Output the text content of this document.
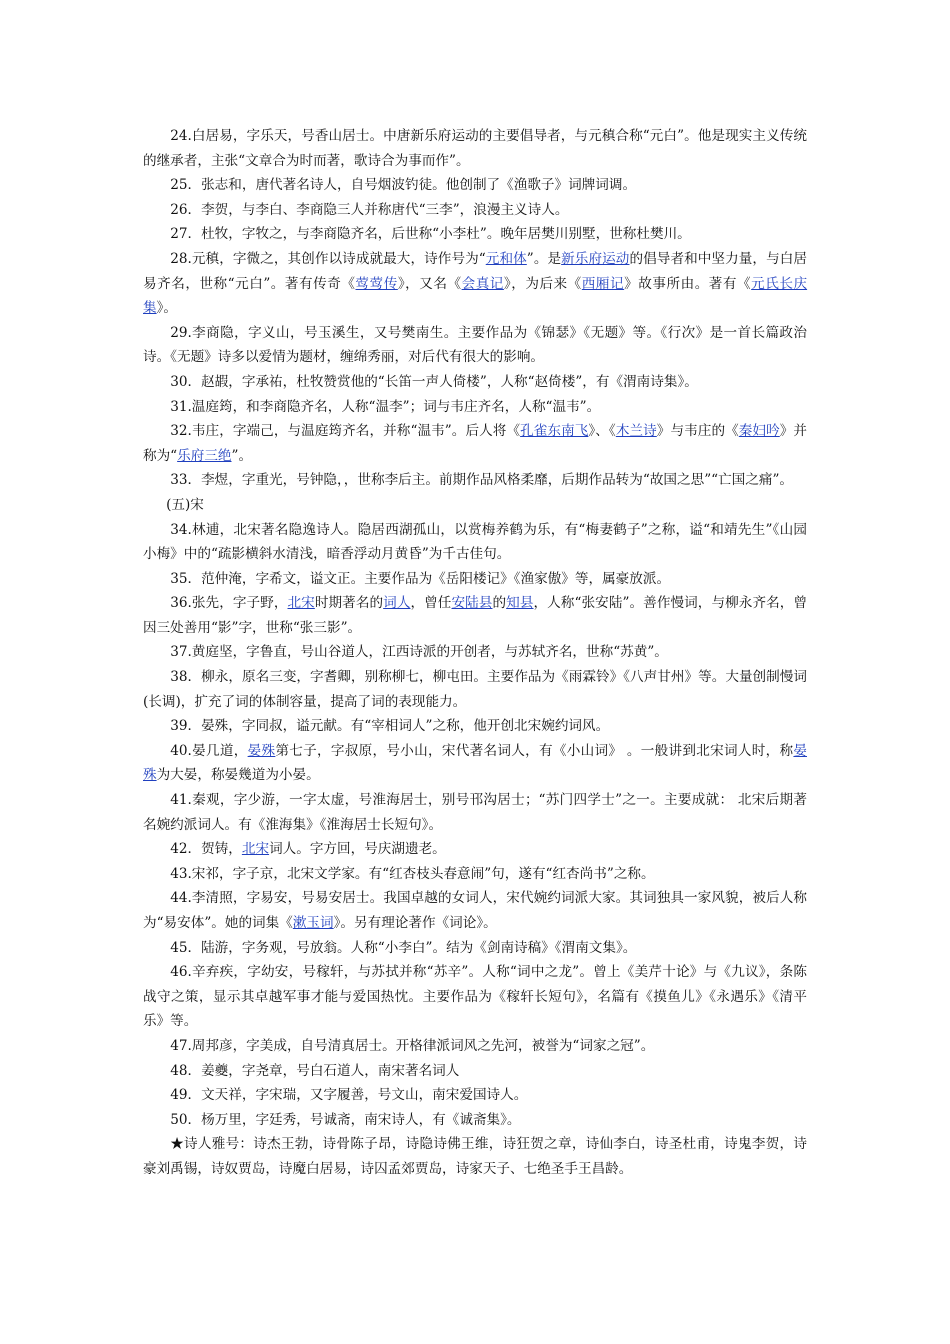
24.白居易，字乐天，号香山居士。中唐新乐府运动的主要倡导者，与元稹合称“元白”。他是现实主义传统的继承者，主张“文章合为时而著，歌诗合为事而作”。

25．张志和，唐代著名诗人，自号烟波钓徒。他创制了《渔歌子》词牌词调。

26．李贺，与李白、李商隐三人并称唐代“三李”，浪漫主义诗人。

27．杜牧，字牧之，与李商隐齐名，后世称“小李杜”。晚年居樊川别墅，世称杜樊川。

28.元稹，字微之，其创作以诗成就最大，诗作号为“元和体”。是新乐府运动的倡导者和中坚力量，与白居易齐名，世称“元白”。著有传奇《莺莺传》，又名《会真记》，为后来《西厢记》故事所由。著有《元氏长庆集》。

29.李商隐，字义山，号玉溪生，又号樊南生。主要作品为《锦瑟》《无题》等。《行次》是一首长篇政治诗。《无题》诗多以爱情为题材，缠绵秀丽，对后代有很大的影响。

30．赵嘏，字承祐，杜牧赞赏他的“长笛一声人倚楼”，人称“赵倚楼”，有《渭南诗集》。

31.温庭筠，和李商隐齐名，人称“温李”；词与韦庄齐名，人称“温韦”。

32.韦庄，字端己，与温庭筠齐名，并称“温韦”。后人将《孔雀东南飞》、《木兰诗》与韦庄的《秦妇吟》并称为“乐府三绝”。

33．李煜，字重光，号钟隐，，世称李后主。前期作品风格柔靡，后期作品转为“故国之思”“亡国之痛”。

(五)宋

34.林逋，北宋著名隐逸诗人。隐居西湖孤山，以赏梅养鹤为乐，有“梅妻鹤子”之称，谥“和靖先生”《山园小梅》中的“疏影横斜水清浅，暗香浮动月黄昏”为千古佳句。

35．范仲淹，字希文，谥文正。主要作品为《岳阳楼记》《渔家傲》等，属豪放派。

36.张先，字子野，北宋时期著名的词人，曾任安陆县的知县，人称“张安陆”。善作慢词，与柳永齐名，曾因三处善用“影”字，世称“张三影”。

37.黄庭坚，字鲁直，号山谷道人，江西诗派的开创者，与苏轼齐名，世称“苏黄”。

38．柳永，原名三变，字耆卿，别称柳七，柳屯田。主要作品为《雨霖铃》《八声甘州》等。大量创制慢词(长调)，扩充了词的体制容量，提高了词的表现能力。

39．晏殊，字同叔，谥元献。有“宰相词人”之称，他开创北宋婉约词风。

40.晏几道，晏殊第七子，字叔原，号小山，宋代著名词人，有《小山词》 。一般讲到北宋词人时，称晏殊为大晏，称晏幾道为小晏。

41.秦观，字少游，一字太虚，号淮海居士，别号邗沟居士；“苏门四学士”之一。主要成就： 北宋后期著名婉约派词人。有《淮海集》《淮海居士长短句》。

42．贺铸，北宋词人。字方回，号庆湖遗老。

43.宋祁，字子京，北宋文学家。有“红杏枝头春意闹”句，遂有“红杏尚书”之称。

44.李清照，字易安，号易安居士。我国卓越的女词人，宋代婉约词派大家。其词独具一家风貌，被后人称为“易安体”。她的词集《漱玉词》。另有理论著作《词论》。

45．陆游，字务观，号放翁。人称“小李白”。结为《剑南诗稿》《渭南文集》。

46.辛弃疾，字幼安，号稼轩，与苏拭并称“苏辛”。人称“词中之龙”。曾上《美芹十论》与《九议》，条陈战守之策，显示其卓越军事才能与爱国热忱。主要作品为《稼轩长短句》，名篇有《摸鱼儿》《永遇乐》《清平乐》等。

47.周邦彦，字美成，自号清真居士。开格律派词风之先河，被誉为“词家之冠”。

48．姜夔，字尧章，号白石道人，南宋著名词人

49．文天祥，字宋瑞，又字履善，号文山，南宋爱国诗人。

50．杨万里，字廷秀，号诚斋，南宋诗人，有《诚斋集》。

★诗人雅号：诗杰王勃，诗骨陈子昂，诗隐诗佛王维，诗狂贺之章，诗仙李白，诗圣杜甫，诗鬼李贺，诗豪刘禹锡，诗奴贾岛，诗魔白居易，诗囚孟郊贾岛，诗家天子、七绝圣手王昌龄。
